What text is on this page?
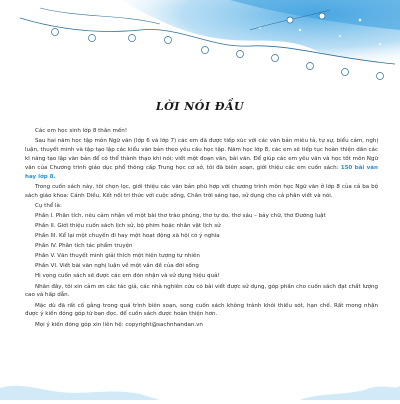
LỜI NÓI ĐẦU

Các em học sinh lớp 8 thân mến!

Sau hai năm học tập môn Ngữ văn (lớp 6 và lớp 7) các em đã được tiếp xúc với các văn bản miêu tả, tự sự, biểu cảm, nghị luận, thuyết minh và tập tạo lập các kiểu văn bản theo yêu cầu học tập. Năm học lớp 8, các em sẽ tiếp tục hoàn thiện dần các kĩ năng tạo lập văn bản để có thể thành thạo khi nói; viết một đoạn văn, bài văn. Để giúp các em yêu văn và học tốt môn Ngữ văn của Chương trình giáo dục phổ thông cấp Trung học cơ sở, tôi đã biên soạn, giới thiệu các em cuốn sách: 150 bài văn hay lớp 8.

Trong cuốn sách này, tôi chọn lọc, giới thiệu các văn bản phù hợp với chương trình môn học Ngữ văn ở lớp 8 của cả ba bộ sách giáo khoa: Cánh Diều, Kết nối tri thức với cuộc sống, Chân trời sáng tạo, sử dụng cho cả phân viết và nói.

Cụ thể là:

Phần I. Phân tích, nêu cảm nhận về một bài thơ trào phúng, thơ tự do, thơ sáu – bảy chữ, thơ Đường luật

Phần II. Giới thiệu cuốn sách lịch sử, bộ phim hoặc nhân vật lịch sử

Phần III. Kể lại một chuyến đi hay một hoạt động xã hội có ý nghĩa

Phần IV. Phân tích tác phẩm truyện

Phần V. Văn thuyết minh giải thích một hiện tượng tự nhiên

Phần VI. Viết bài văn nghị luận về một vấn đề của đời sống

Hi vọng cuốn sách sẽ được các em đón nhận và sử dụng hiệu quả!

Nhân đây, tôi xin cảm ơn các tác giả, các nhà nghiên cứu có bài viết được sử dụng, góp phần cho cuốn sách đạt chất lượng cao và hấp dẫn.

Mặc dù đã rất cố gắng trong quá trình biên soạn, song cuốn sách không tránh khỏi thiếu sót, hạn chế. Rất mong nhận được ý kiến đóng góp từ bạn đọc, để cuốn sách được hoàn thiện hơn.

Mọi ý kiến đóng góp xin liên hệ: copyright@sachnhandan.vn
